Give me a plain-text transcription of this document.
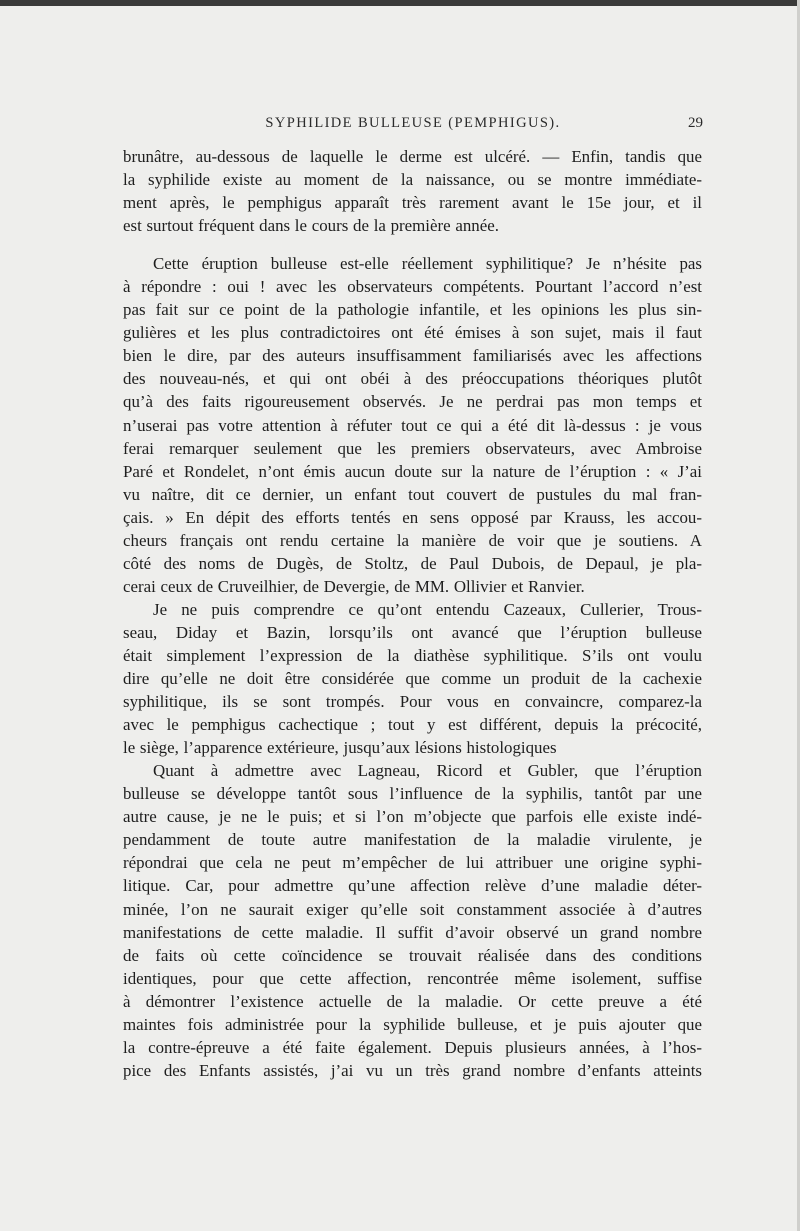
SYPHILIDE BULLEUSE (PEMPHIGUS).	29
brunâtre, au-dessous de laquelle le derme est ulcéré. — Enfin, tandis que
la syphilide existe au moment de la naissance, ou se montre immédiate-
ment après, le pemphigus apparaît très rarement avant le 15e jour, et il
est surtout fréquent dans le cours de la première année.
Cette éruption bulleuse est-elle réellement syphilitique? Je n’hésite pas
à répondre : oui ! avec les observateurs compétents. Pourtant l’accord n’est
pas fait sur ce point de la pathologie infantile, et les opinions les plus sin-
gulières et les plus contradictoires ont été émises à son sujet, mais il faut
bien le dire, par des auteurs insuffisamment familiarisés avec les affections
des nouveau-nés, et qui ont obéi à des préoccupations théoriques plutôt
qu’à des faits rigoureusement observés. Je ne perdrai pas mon temps et
n’userai pas votre attention à réfuter tout ce qui a été dit là-dessus : je vous
ferai remarquer seulement que les premiers observateurs, avec Ambroise
Paré et Rondelet, n’ont émis aucun doute sur la nature de l’éruption : « J’ai
vu naître, dit ce dernier, un enfant tout couvert de pustules du mal fran-
çais. » En dépit des efforts tentés en sens opposé par Krauss, les accou-
cheurs français ont rendu certaine la manière de voir que je soutiens. A
côté des noms de Dugès, de Stoltz, de Paul Dubois, de Depaul, je pla-
cerai ceux de Cruveilhier, de Devergie, de MM. Ollivier et Ranvier.
Je ne puis comprendre ce qu’ont entendu Cazeaux, Cullerier, Trous-
seau, Diday et Bazin, lorsqu’ils ont avancé que l’éruption bulleuse
était simplement l’expression de la diathèse syphilitique. S’ils ont voulu
dire qu’elle ne doit être considérée que comme un produit de la cachexie
syphilitique, ils se sont trompés. Pour vous en convaincre, comparez-la
avec le pemphigus cachectique ; tout y est différent, depuis la précocité,
le siège, l’apparence extérieure, jusqu’aux lésions histologiques
Quant à admettre avec Lagneau, Ricord et Gubler, que l’éruption
bulleuse se développe tantôt sous l’influence de la syphilis, tantôt par une
autre cause, je ne le puis; et si l’on m’objecte que parfois elle existe indé-
pendamment de toute autre manifestation de la maladie virulente, je
répondrai que cela ne peut m’empêcher de lui attribuer une origine syphi-
litique. Car, pour admettre qu’une affection relève d’une maladie déter-
minée, l’on ne saurait exiger qu’elle soit constamment associée à d’autres
manifestations de cette maladie. Il suffit d’avoir observé un grand nombre
de faits où cette coïncidence se trouvait réalisée dans des conditions
identiques, pour que cette affection, rencontrée même isolement, suffise
à démontrer l’existence actuelle de la maladie. Or cette preuve a été
maintes fois administrée pour la syphilide bulleuse, et je puis ajouter que
la contre-épreuve a été faite également. Depuis plusieurs années, à l’hos-
pice des Enfants assistés, j’ai vu un très grand nombre d’enfants atteints
